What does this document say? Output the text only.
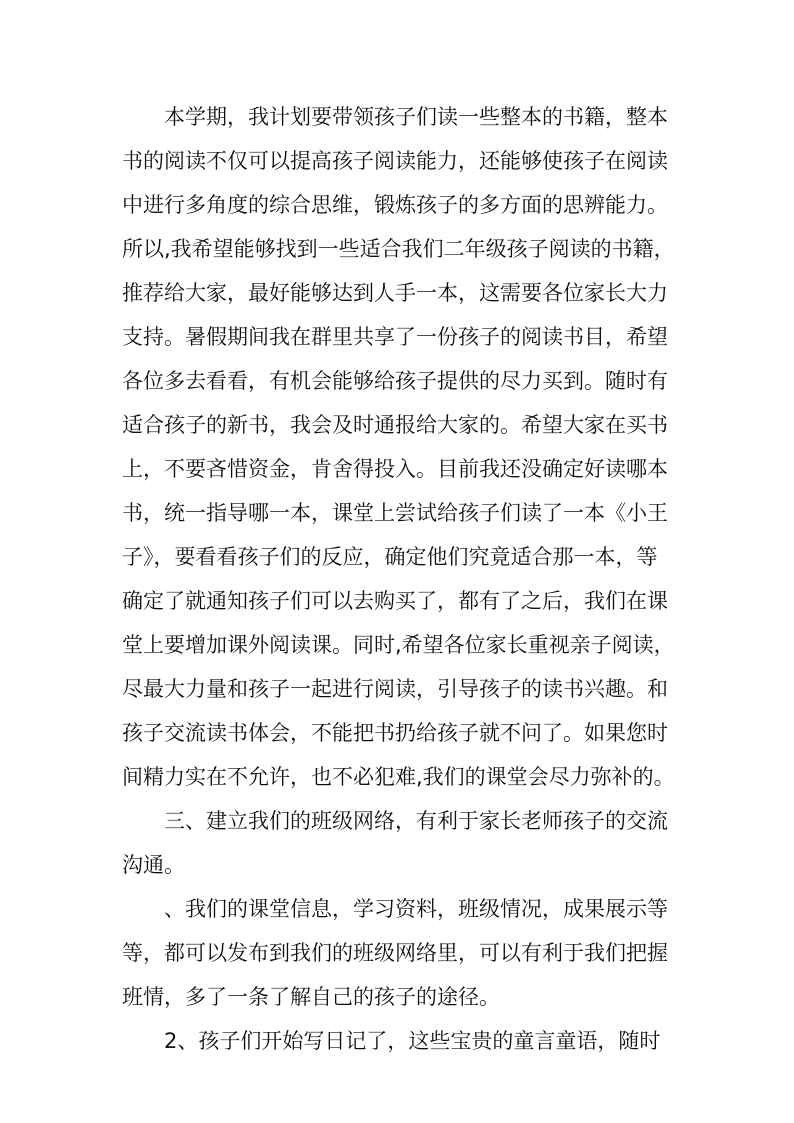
本学期，我计划要带领孩子们读一些整本的书籍，整本
书的阅读不仅可以提高孩子阅读能力，还能够使孩子在阅读
中进行多角度的综合思维，锻炼孩子的多方面的思辨能力。
所以,我希望能够找到一些适合我们二年级孩子阅读的书籍，
推荐给大家，最好能够达到人手一本，这需要各位家长大力
支持。暑假期间我在群里共享了一份孩子的阅读书目，希望
各位多去看看，有机会能够给孩子提供的尽力买到。随时有
适合孩子的新书，我会及时通报给大家的。希望大家在买书
上，不要吝惜资金，肯舍得投入。目前我还没确定好读哪本
书，统一指导哪一本，课堂上尝试给孩子们读了一本《小王
子》，要看看孩子们的反应，确定他们究竟适合那一本，等
确定了就通知孩子们可以去购买了，都有了之后，我们在课
堂上要增加课外阅读课。同时,希望各位家长重视亲子阅读，
尽最大力量和孩子一起进行阅读，引导孩子的读书兴趣。和
孩子交流读书体会，不能把书扔给孩子就不问了。如果您时
间精力实在不允许，也不必犯难,我们的课堂会尽力弥补的。
三、建立我们的班级网络，有利于家长老师孩子的交流
沟通。
、我们的课堂信息，学习资料，班级情况，成果展示等
等，都可以发布到我们的班级网络里，可以有利于我们把握
班情，多了一条了解自己的孩子的途径。
2、孩子们开始写日记了，这些宝贵的童言童语，随时
